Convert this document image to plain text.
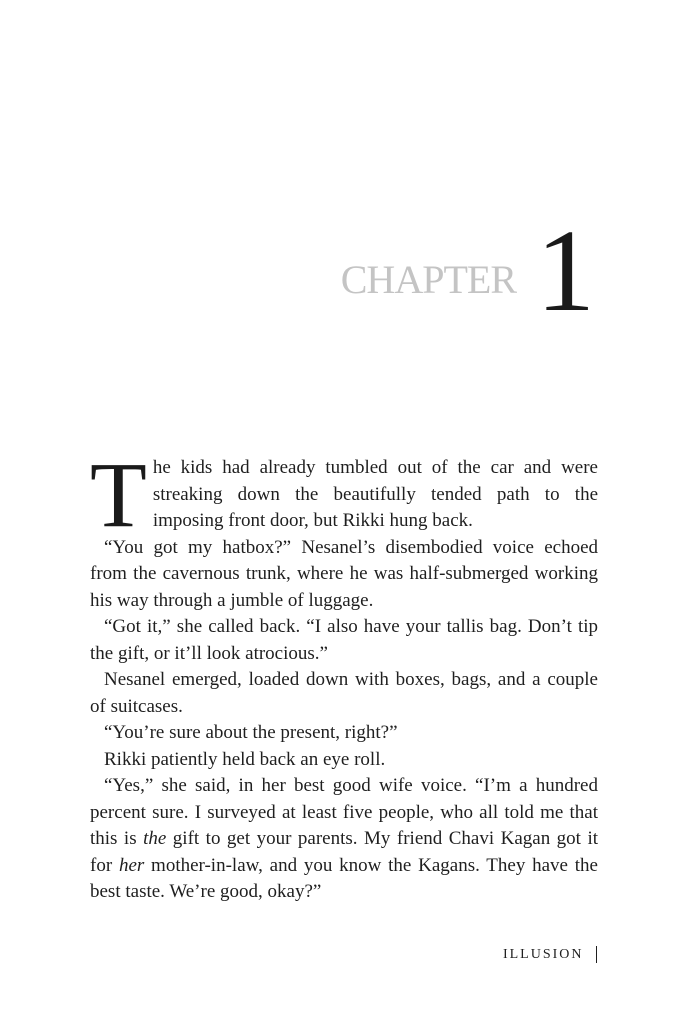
CHAPTER 1

The kids had already tumbled out of the car and were streaking down the beautifully tended path to the imposing front door, but Rikki hung back.

“You got my hatbox?” Nesanel’s disembodied voice echoed from the cavernous trunk, where he was half-submerged working his way through a jumble of luggage.

“Got it,” she called back. “I also have your tallis bag. Don’t tip the gift, or it’ll look atrocious.”

Nesanel emerged, loaded down with boxes, bags, and a couple of suitcases.

“You’re sure about the present, right?”

Rikki patiently held back an eye roll.

“Yes,” she said, in her best good wife voice. “I’m a hundred percent sure. I surveyed at least five people, who all told me that this is the gift to get your parents. My friend Chavi Kagan got it for her mother-in-law, and you know the Kagans. They have the best taste. We’re good, okay?”

ILLUSION
